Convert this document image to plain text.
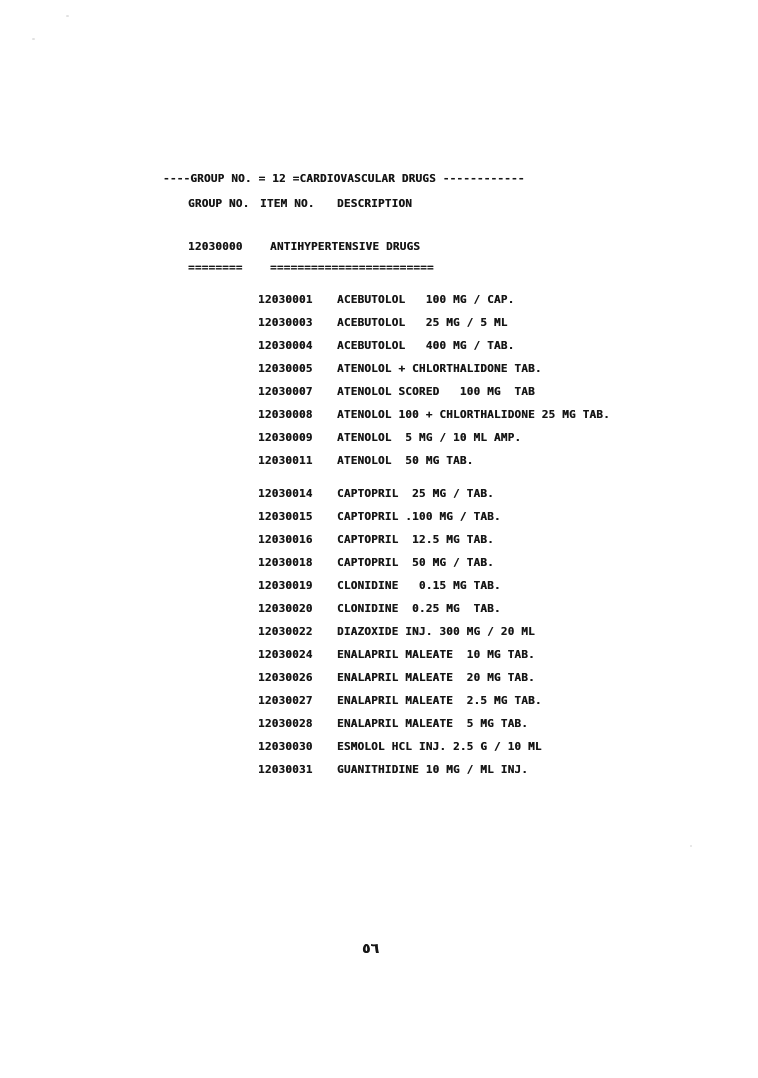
----GROUP NO. = 12 =CARDIOVASCULAR DRUGS ------------
GROUP NO. ITEM NO. DESCRIPTION
12030000 ANTIHYPERTENSIVE DRUGS
======== ========================
12030001 ACEBUTOLOL   100 MG / CAP.
12030003 ACEBUTOLOL   25 MG / 5 ML
12030004 ACEBUTOLOL   400 MG / TAB.
12030005 ATENOLOL + CHLORTHALIDONE TAB.
12030007 ATENOLOL SCORED   100 MG  TAB
12030008 ATENOLOL 100 + CHLORTHALIDONE 25 MG TAB.
12030009 ATENOLOL  5 MG / 10 ML AMP.
12030011 ATENOLOL  50 MG TAB.
12030014 CAPTOPRIL  25 MG / TAB.
12030015 CAPTOPRIL .100 MG / TAB.
12030016 CAPTOPRIL  12.5 MG TAB.
12030018 CAPTOPRIL  50 MG / TAB.
12030019 CLONIDINE   0.15 MG TAB.
12030020 CLONIDINE  0.25 MG  TAB.
12030022 DIAZOXIDE INJ. 300 MG / 20 ML
12030024 ENALAPRIL MALEATE  10 MG TAB.
12030026 ENALAPRIL MALEATE  20 MG TAB.
12030027 ENALAPRIL MALEATE  2.5 MG TAB.
12030028 ENALAPRIL MALEATE  5 MG TAB.
12030030 ESMOLOL HCL INJ. 2.5 G / 10 ML
12030031 GUANITHIDINE 10 MG / ML INJ.
٥٦
